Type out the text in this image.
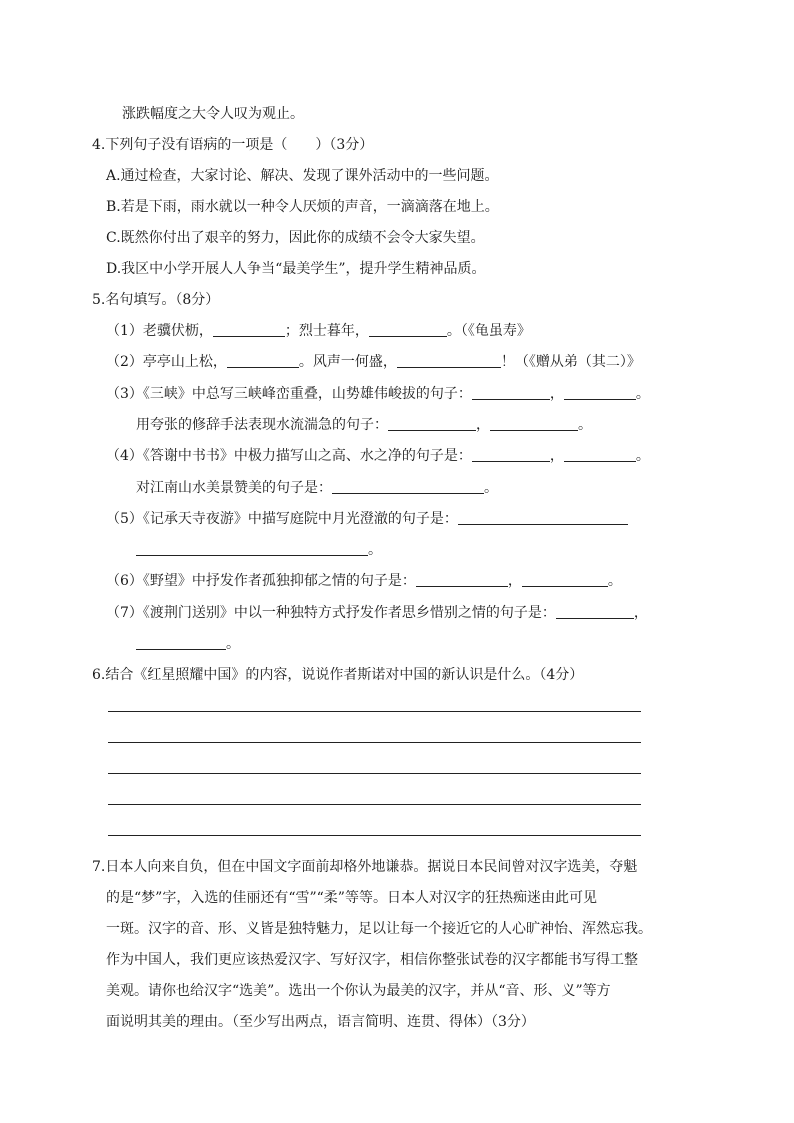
涨跌幅度之大令人叹为观止。
4.下列句子没有语病的一项是（　　）（3分）
A.通过检查，大家讨论、解决、发现了课外活动中的一些问题。
B.若是下雨，雨水就以一种令人厌烦的声音，一滴滴落在地上。
C.既然你付出了艰辛的努力，因此你的成绩不会令大家失望。
D.我区中小学开展人人争当“最美学生”，提升学生精神品质。
5.名句填写。（8分）
（1）老骥伏枥，	；烈士暮年，	。（《龟虽寿》
（2）亭亭山上松，	。风声一何盛，	！（《赠从弟（其二）》
（3）《三峡》中总写三峡峰峦重叠，山势雄伟峻拔的句子：	，	。
用夸张的修辞手法表现水流湍急的句子：	，	。
（4）《答谢中书书》中极力描写山之高、水之净的句子是：	，	。
对江南山水美景赞美的句子是：	。
（5）《记承天寺夜游》中描写庭院中月光澄澈的句子是：
。
（6）《野望》中抒发作者孤独抑郁之情的句子是：	，	。
（7）《渡荆门送别》中以一种独特方式抒发作者思乡惜别之情的句子是：	，
。
6.结合《红星照耀中国》的内容，说说作者斯诺对中国的新认识是什么。（4分）
7.日本人向来自负，但在中国文字面前却格外地谦恭。据说日本民间曾对汉字选美，夺魁
的是“梦”字，入选的佳丽还有“雪”“柔”等等。日本人对汉字的狂热痴迷由此可见
一斑。汉字的音、形、义皆是独特魅力，足以让每一个接近它的人心旷神怡、浑然忘我。
作为中国人，我们更应该热爱汉字、写好汉字，相信你整张试卷的汉字都能书写得工整
美观。请你也给汉字“选美”。选出一个你认为最美的汉字，并从“音、形、义”等方
面说明其美的理由。（至少写出两点，语言简明、连贯、得体）（3分）
